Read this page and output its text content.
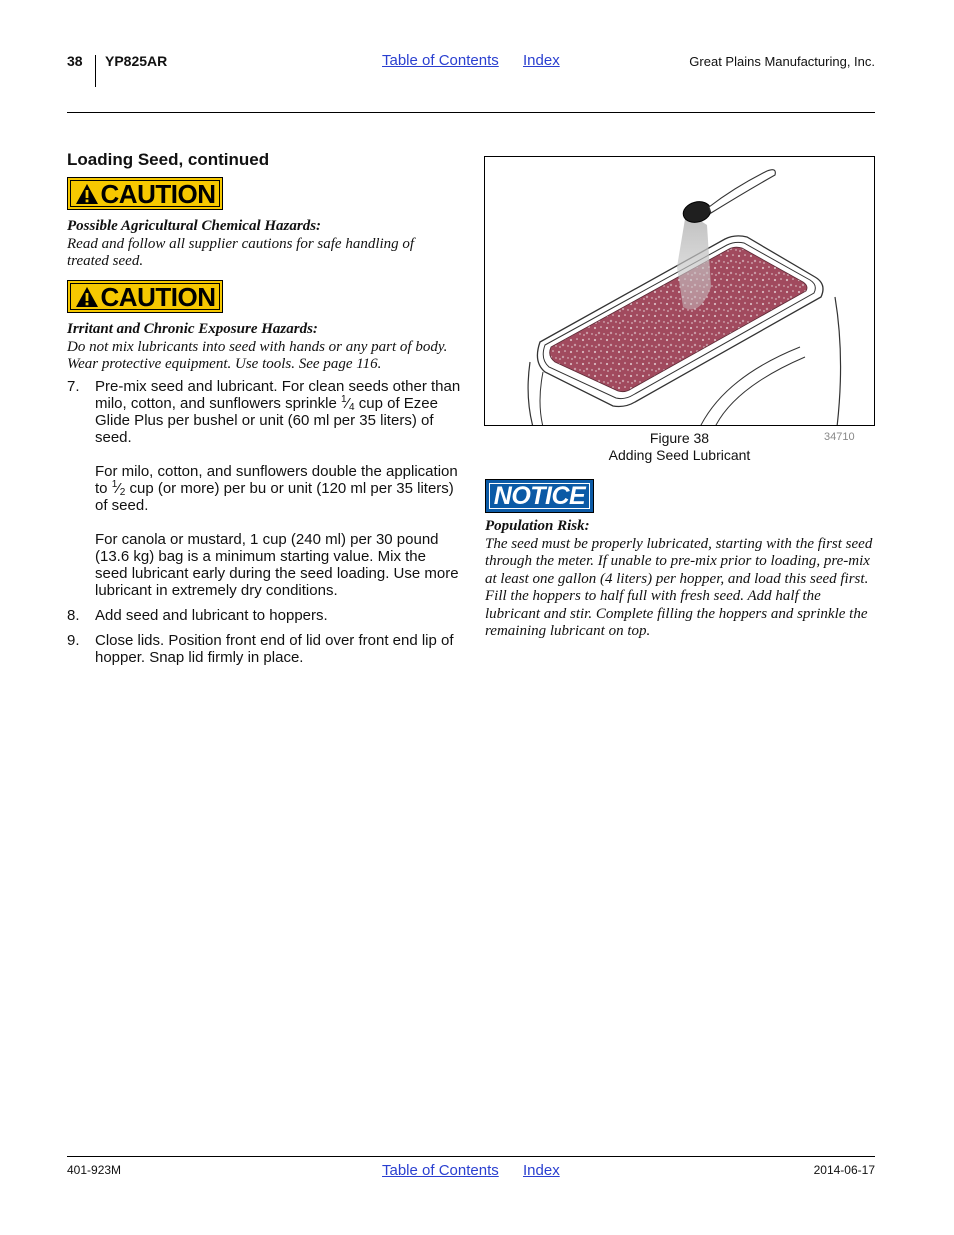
38 YP825AR	Table of Contents Index	Great Plains Manufacturing, Inc.
Loading Seed, continued
CAUTION
Possible Agricultural Chemical Hazards:
Read and follow all supplier cautions for safe handling of treated seed.
CAUTION
Irritant and Chronic Exposure Hazards:
Do not mix lubricants into seed with hands or any part of body. Wear protective equipment. Use tools. See page 116.
7. Pre-mix seed and lubricant. For clean seeds other than milo, cotton, and sunflowers sprinkle $^1⁄_4$ cup of Ezee Glide Plus per bushel or unit (60 ml per 35 liters) of seed.

For milo, cotton, and sunflowers double the application to $^1⁄_2$ cup (or more) per bu or unit (120 ml per 35 liters) of seed.

For canola or mustard, 1 cup (240 ml) per 30 pound (13.6 kg) bag is a minimum starting value. Mix the seed lubricant early during the seed loading. Use more lubricant in extremely dry conditions.

8. Add seed and lubricant to hoppers.

9. Close lids. Position front end of lid over front end lip of hopper. Snap lid firmly in place.

Figure 38
Adding Seed Lubricant
34710
NOTICE
Population Risk:
The seed must be properly lubricated, starting with the first seed through the meter. If unable to pre-mix prior to loading, pre-mix at least one gallon (4 liters) per hopper, and load this seed first. Fill the hoppers to half full with fresh seed. Add half the lubricant and stir. Complete filling the hoppers and sprinkle the remaining lubricant on top.
401-923M	Table of Contents Index	2014-06-17
